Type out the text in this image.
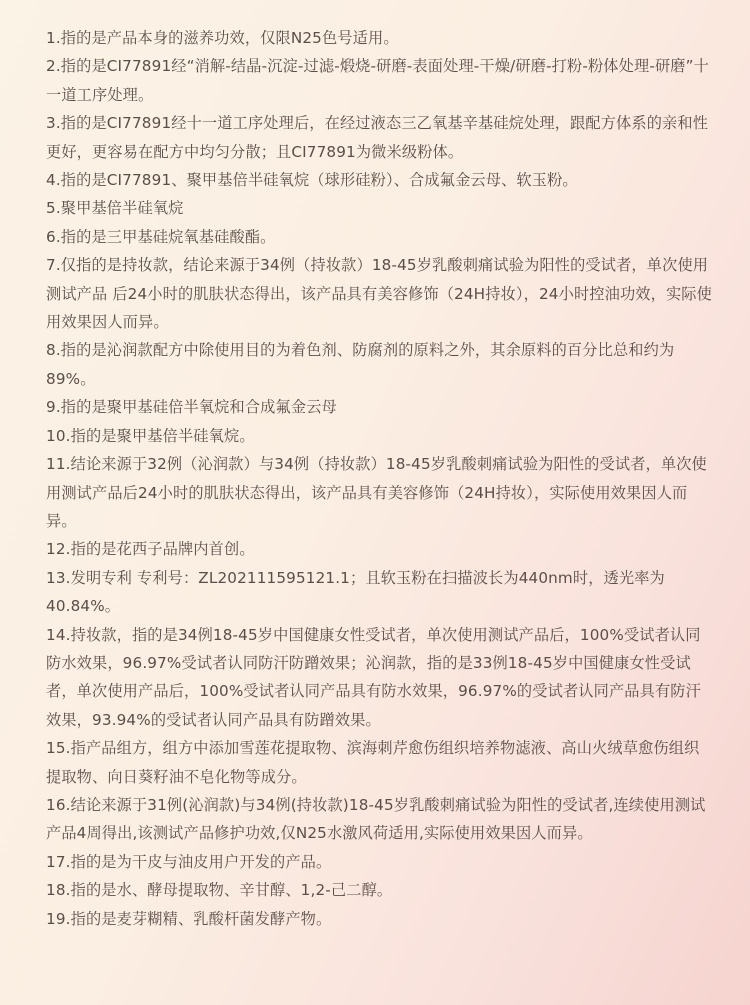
1.指的是产品本身的滋养功效，仅限N25色号适用。
2.指的是CI77891经“消解-结晶-沉淀-过滤-煅烧-研磨-表面处理-干燥/研磨-打粉-粉体处理-研磨”十一道工序处理。
3.指的是CI77891经十一道工序处理后，在经过液态三乙氧基辛基硅烷处理，跟配方体系的亲和性更好，更容易在配方中均匀分散；且CI77891为微米级粉体。
4.指的是CI77891、聚甲基倍半硅氧烷（球形硅粉）、合成氟金云母、软玉粉。
5.聚甲基倍半硅氧烷
6.指的是三甲基硅烷氧基硅酸酯。
7.仅指的是持妆款，结论来源于34例（持妆款）18-45岁乳酸刺痛试验为阳性的受试者，单次使用测试产品 后24小时的肌肤状态得出，该产品具有美容修饰（24H持妆），24小时控油功效，实际使用效果因人而异。
8.指的是沁润款配方中除使用目的为着色剂、防腐剂的原料之外，其余原料的百分比总和约为89%。
9.指的是聚甲基硅倍半氧烷和合成氟金云母
10.指的是聚甲基倍半硅氧烷。
11.结论来源于32例（沁润款）与34例（持妆款）18-45岁乳酸刺痛试验为阳性的受试者，单次使用测试产品后24小时的肌肤状态得出，该产品具有美容修饰（24H持妆），实际使用效果因人而异。
12.指的是花西子品牌内首创。
13.发明专利 专利号：ZL202111595121.1；且软玉粉在扫描波长为440nm时，透光率为40.84%。
14.持妆款，指的是34例18-45岁中国健康女性受试者，单次使用测试产品后，100%受试者认同防水效果，96.97%受试者认同防汗防蹭效果；沁润款，指的是33例18-45岁中国健康女性受试者，单次使用产品后，100%受试者认同产品具有防水效果，96.97%的受试者认同产品具有防汗效果，93.94%的受试者认同产品具有防蹭效果。
15.指产品组方，组方中添加雪莲花提取物、滨海刺芹愈伤组织培养物滤液、高山火绒草愈伤组织提取物、向日葵籽油不皂化物等成分。
16.结论来源于31例(沁润款)与34例(持妆款)18-45岁乳酸刺痛试验为阳性的受试者,连续使用测试产品4周得出,该测试产品修护功效,仅N25水激风荷适用,实际使用效果因人而异。
17.指的是为干皮与油皮用户开发的产品。
18.指的是水、酵母提取物、辛甘醇、1,2-己二醇。
19.指的是麦芽糊精、乳酸杆菌发酵产物。
